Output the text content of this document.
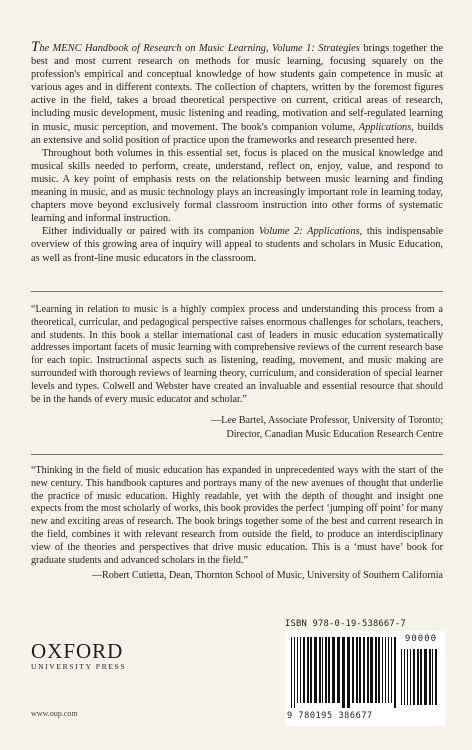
The MENC Handbook of Research on Music Learning, Volume 1: Strategies brings together the best and most current research on methods for music learning, focusing squarely on the profession's empirical and conceptual knowledge of how students gain competence in music at various ages and in different contexts. The collection of chapters, written by the foremost figures active in the field, takes a broad theoretical perspective on current, critical areas of research, including music development, music listening and reading, motivation and self-regulated learning in music, music perception, and movement. The book's companion volume, Applications, builds an extensive and solid position of practice upon the frameworks and research presented here.

Throughout both volumes in this essential set, focus is placed on the musical knowledge and musical skills needed to perform, create, understand, reflect on, enjoy, value, and respond to music. A key point of emphasis rests on the relationship between music learning and finding meaning in music, and as music technology plays an increasingly important role in learning today, chapters move beyond exclusively formal classroom instruction into other forms of systematic learning and informal instruction.

Either individually or paired with its companion Volume 2: Applications, this indispensable overview of this growing area of inquiry will appeal to students and scholars in Music Education, as well as front-line music educators in the classroom.

“Learning in relation to music is a highly complex process and understanding this process from a theoretical, curricular, and pedagogical perspective raises enormous challenges for scholars, teachers, and students. In this book a stellar international cast of leaders in music education systematically addresses important facets of music learning with comprehensive reviews of the current research base for each topic. Instructional aspects such as listening, reading, movement, and music making are surrounded with thorough reviews of learning theory, curriculum, and consideration of special learner levels and types. Colwell and Webster have created an invaluable and essential resource that should be in the hands of every music educator and scholar.”

—Lee Bartel, Associate Professor, University of Toronto;
Director, Canadian Music Education Research Centre

“Thinking in the field of music education has expanded in unprecedented ways with the start of the new century. This handbook captures and portrays many of the new avenues of thought that underlie the practice of music education. Highly readable, yet with the depth of thought and insight one expects from the most scholarly of works, this book provides the perfect ‘jumping off point’ for many new and exciting areas of research. The book brings together some of the best and current research in the field, combines it with relevant research from outside the field, to produce an interdisciplinary view of the theories and perspectives that drive music education. This is a ‘must have’ book for graduate students and advanced scholars in the field.”

—Robert Cutietta, Dean, Thornton School of Music, University of Southern California
OXFORD
UNIVERSITY PRESS
www.oup.com
ISBN 978-0-19-538667-7
90000
9 780195 386677
